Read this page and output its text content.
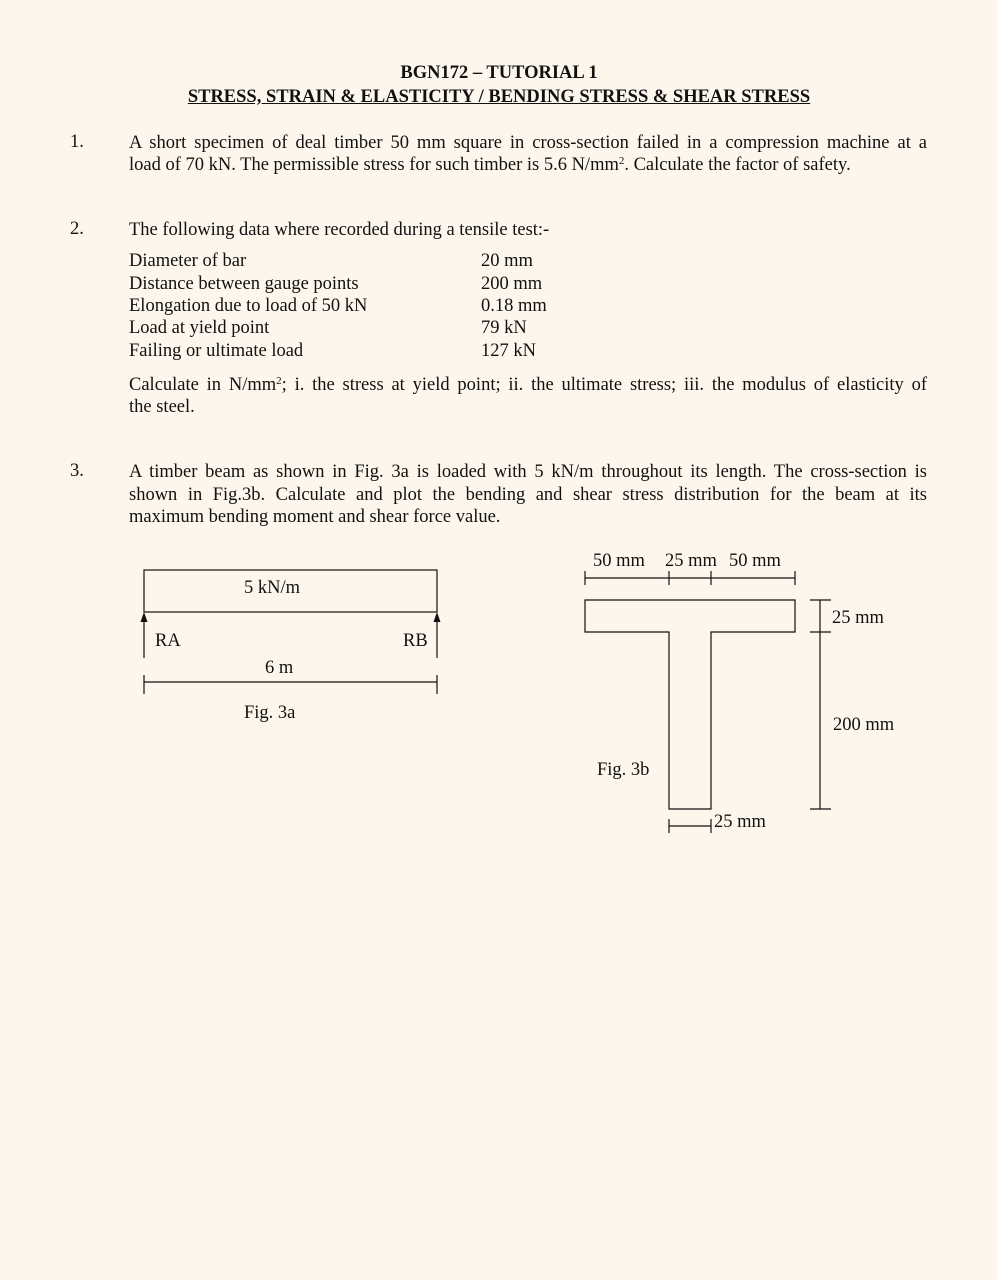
BGN172 – TUTORIAL 1
STRESS, STRAIN & ELASTICITY / BENDING STRESS & SHEAR STRESS
1. A short specimen of deal timber 50 mm square in cross-section failed in a compression machine at a
load of 70 kN. The permissible stress for such timber is 5.6 $N/mm^2$. Calculate the factor of safety.
2. The following data where recorded during a tensile test:-
Diameter of bar	20 mm
Distance between gauge points	200 mm
Elongation due to load of 50 kN	0.18 mm
Load at yield point	79 kN
Failing or ultimate load	127 kN
Calculate in $N/mm^2$; i. the stress at yield point; ii. the ultimate stress; iii. the modulus of elasticity of
the steel.
3. A timber beam as shown in Fig. 3a is loaded with 5 kN/m throughout its length. The cross-section is
shown in Fig.3b. Calculate and plot the bending and shear stress distribution for the beam at its
maximum bending moment and shear force value.
5 kN/m
RA	RB
6 m
Fig. 3a
50 mm 25 mm 50 mm
25 mm
200 mm
25 mm
Fig. 3b
